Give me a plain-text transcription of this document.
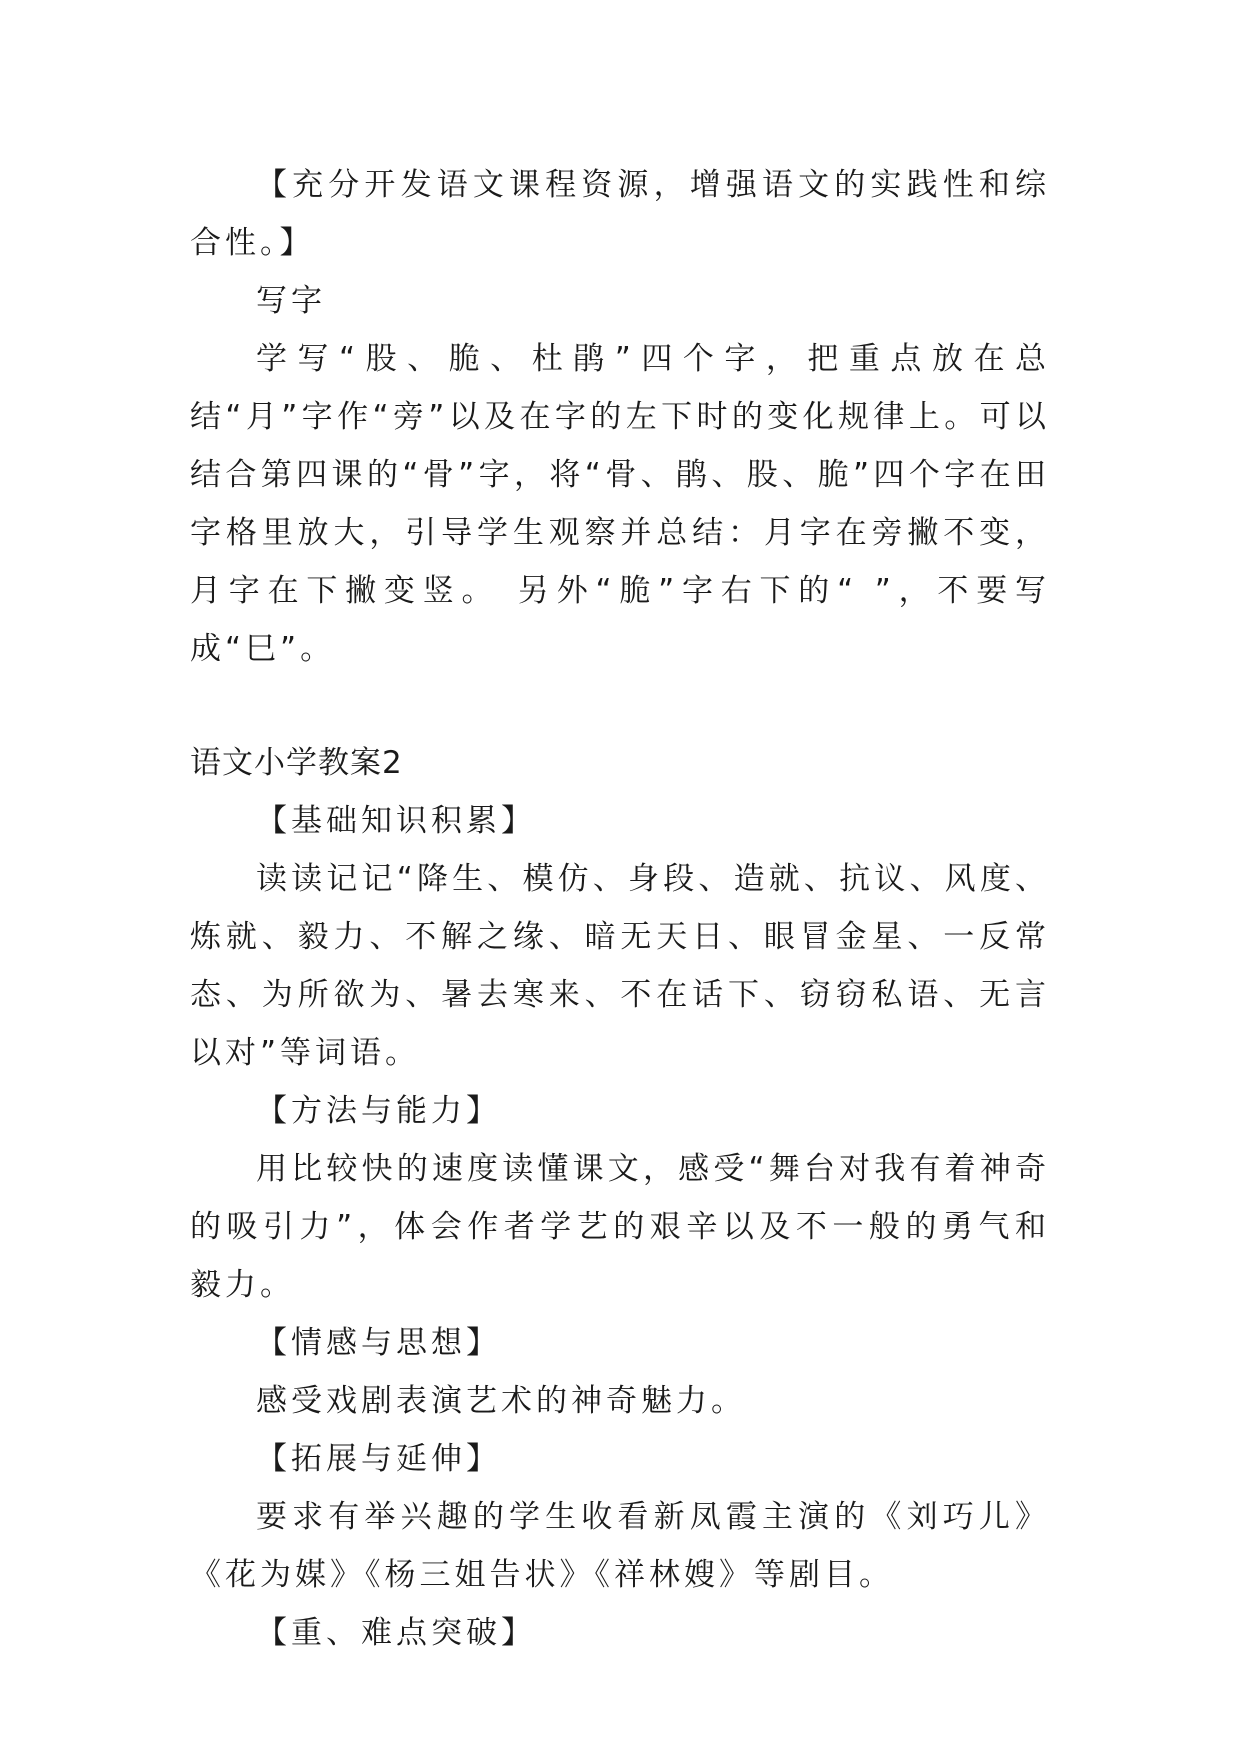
【充分开发语文课程资源，增强语文的实践性和综合性。】

写字

学写“股、脆、杜鹃”四个字，把重点放在总结“月”字作“旁”以及在字的左下时的变化规律上。可以结合第四课的“骨”字，将“骨、鹃、股、脆”四个字在田字格里放大，引导学生观察并总结：月字在旁撇不变，月字在下撇变竖。 另外“脆”字右下的“ ”，不要写成“巳”。

语文小学教案2

【基础知识积累】

读读记记“降生、模仿、身段、造就、抗议、风度、炼就、毅力、不解之缘、暗无天日、眼冒金星、一反常态、为所欲为、暑去寒来、不在话下、窃窃私语、无言以对”等词语。

【方法与能力】

用比较快的速度读懂课文，感受“舞台对我有着神奇的吸引力”，体会作者学艺的艰辛以及不一般的勇气和毅力。

【情感与思想】

感受戏剧表演艺术的神奇魅力。

【拓展与延伸】

要求有举兴趣的学生收看新凤霞主演的《刘巧儿》《花为媒》《杨三姐告状》《祥林嫂》等剧目。

【重、难点突破】
